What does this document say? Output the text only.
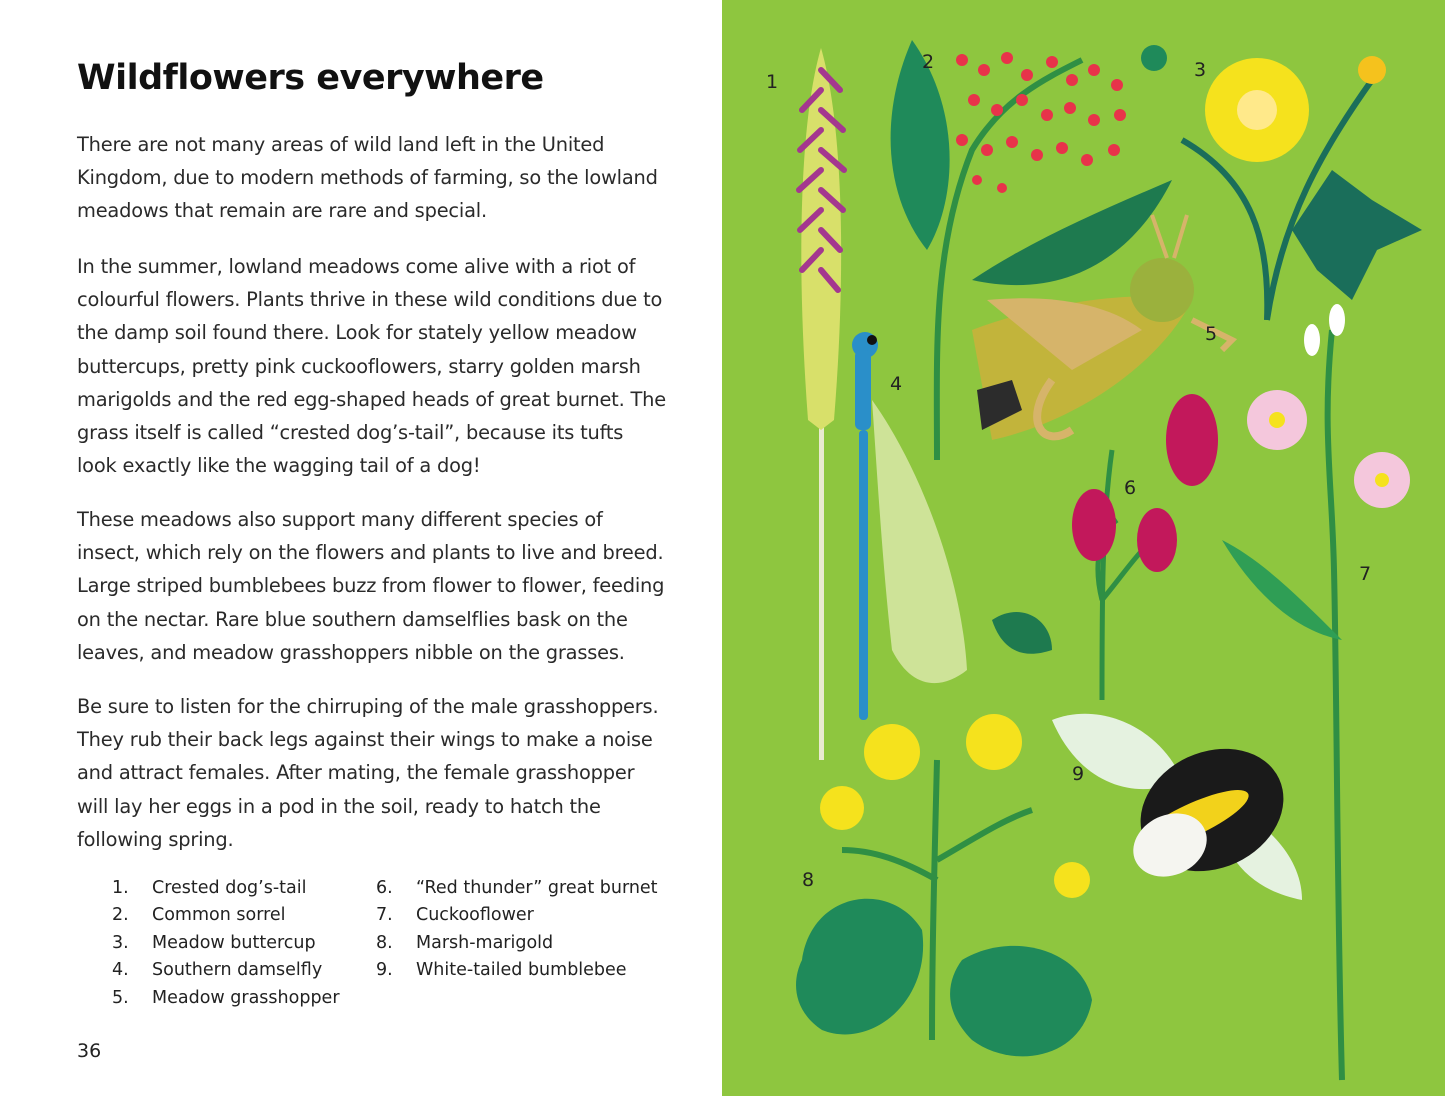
Wildflowers everywhere

There are not many areas of wild land left in the United Kingdom, due to modern methods of farming, so the lowland meadows that remain are rare and special.

In the summer, lowland meadows come alive with a riot of colourful flowers. Plants thrive in these wild conditions due to the damp soil found there. Look for stately yellow meadow buttercups, pretty pink cuckooflowers, starry golden marsh marigolds and the red egg-shaped heads of great burnet. The grass itself is called “crested dog’s-tail”, because its tufts look exactly like the wagging tail of a dog!

These meadows also support many different species of insect, which rely on the flowers and plants to live and breed. Large striped bumblebees buzz from flower to flower, feeding on the nectar. Rare blue southern damselflies bask on the leaves, and meadow grasshoppers nibble on the grasses.

Be sure to listen for the chirruping of the male grasshoppers. They rub their back legs against their wings to make a noise and attract females. After mating, the female grasshopper will lay her eggs in a pod in the soil, ready to hatch the following spring.

1. Crested dog’s-tail
2. Common sorrel
3. Meadow buttercup
4. Southern damselfly
5. Meadow grasshopper
6. “Red thunder” great burnet
7. Cuckooflower
8. Marsh-marigold
9. White-tailed bumblebee
36
1
2	3
4
5
6
7
8
9
